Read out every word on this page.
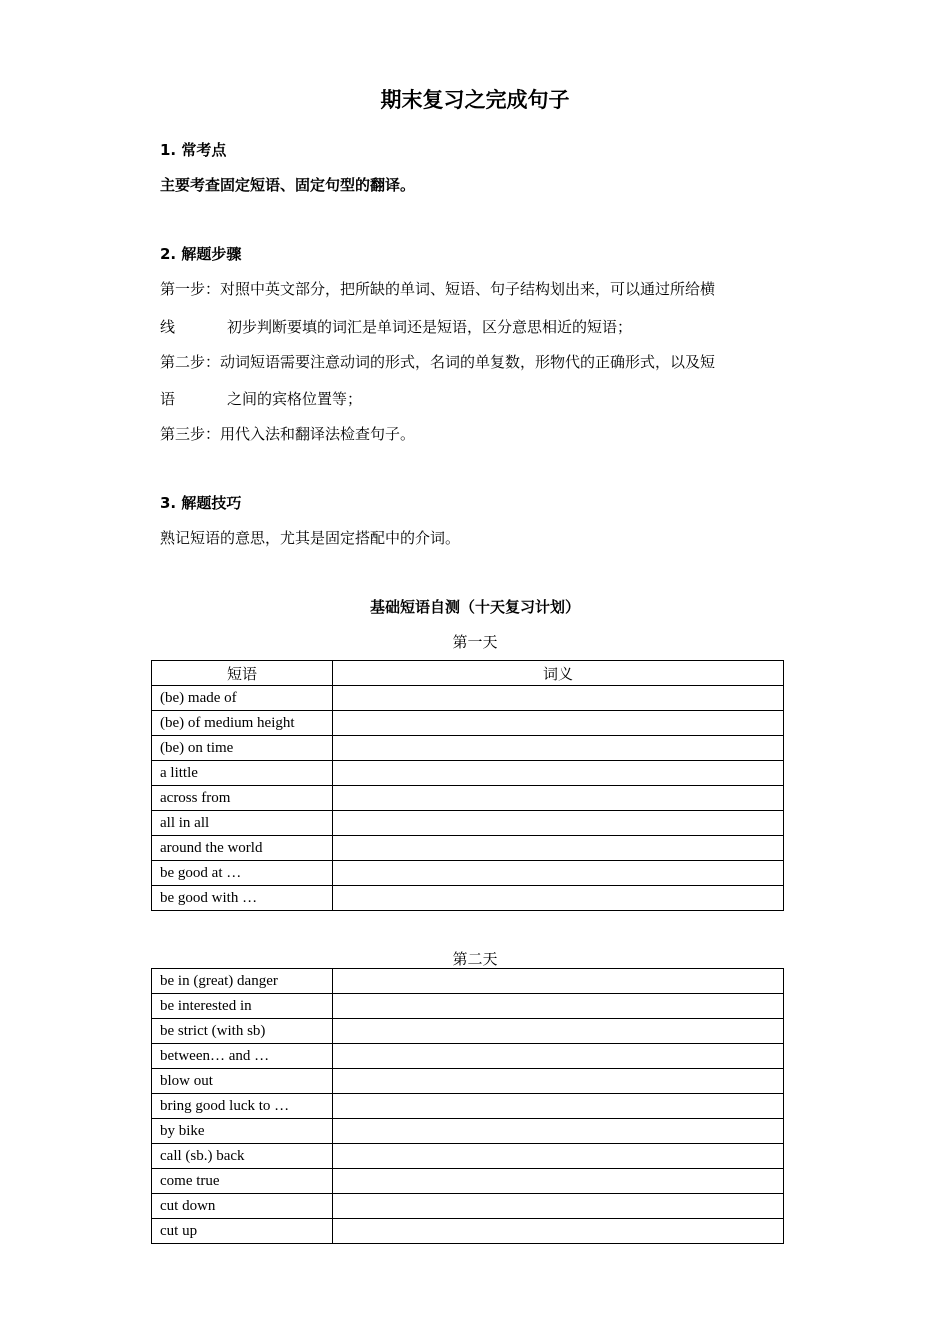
期末复习之完成句子
1. 常考点
主要考查固定短语、固定句型的翻译。
2. 解题步骤
第一步：对照中英文部分，把所缺的单词、短语、句子结构划出来，可以通过所给横
线	初步判断要填的词汇是单词还是短语，区分意思相近的短语；
第二步：动词短语需要注意动词的形式，名词的单复数，形物代的正确形式，以及短
语	之间的宾格位置等；
第三步：用代入法和翻译法检查句子。
3. 解题技巧
熟记短语的意思，尤其是固定搭配中的介词。
基础短语自测（十天复习计划）
第一天
短语	词义
(be) made of	
(be) of medium height	
(be) on time	
a little	
across from	
all in all	
around the world	
be good at …	
be good with …	
第二天
be in (great) danger	
be interested in	
be strict (with sb)	
between… and …	
blow out	
bring good luck to …	
by bike	
call (sb.) back	
come true	
cut down	
cut up	
